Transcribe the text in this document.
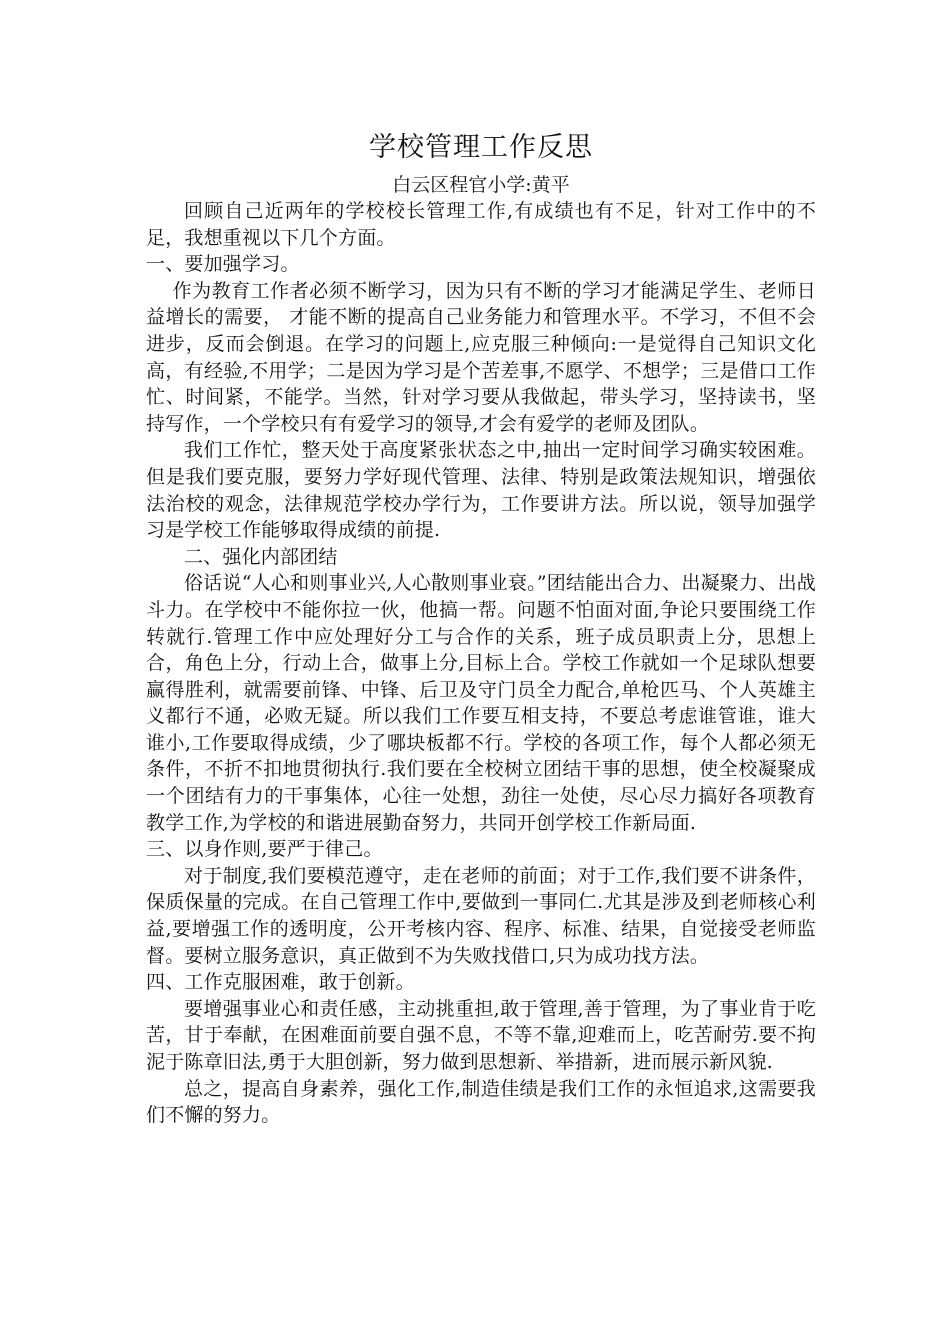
学校管理工作反思
白云区程官小学:黄平

回顾自己近两年的学校校长管理工作,有成绩也有不足，针对工作中的不足，我想重视以下几个方面。

一、要加强学习。

作为教育工作者必须不断学习，因为只有不断的学习才能满足学生、老师日益增长的需要， 才能不断的提高自己业务能力和管理水平。不学习，不但不会进步，反而会倒退。在学习的问题上,应克服三种倾向:一是觉得自己知识文化高，有经验,不用学；二是因为学习是个苦差事,不愿学、不想学；三是借口工作忙、时间紧，不能学。当然，针对学习要从我做起，带头学习，坚持读书，坚持写作，一个学校只有有爱学习的领导,才会有爱学的老师及团队。

我们工作忙，整天处于高度紧张状态之中,抽出一定时间学习确实较困难。但是我们要克服，要努力学好现代管理、法律、特别是政策法规知识，增强依法治校的观念，法律规范学校办学行为，工作要讲方法。所以说，领导加强学习是学校工作能够取得成绩的前提.

二、强化内部团结

俗话说“人心和则事业兴,人心散则事业衰。”团结能出合力、出凝聚力、出战斗力。在学校中不能你拉一伙，他搞一帮。问题不怕面对面,争论只要围绕工作转就行.管理工作中应处理好分工与合作的关系，班子成员职责上分，思想上合，角色上分，行动上合，做事上分,目标上合。学校工作就如一个足球队想要赢得胜利，就需要前锋、中锋、后卫及守门员全力配合,单枪匹马、个人英雄主义都行不通，必败无疑。所以我们工作要互相支持，不要总考虑谁管谁，谁大谁小,工作要取得成绩，少了哪块板都不行。学校的各项工作，每个人都必须无条件，不折不扣地贯彻执行.我们要在全校树立团结干事的思想，使全校凝聚成一个团结有力的干事集体，心往一处想，劲往一处使，尽心尽力搞好各项教育教学工作,为学校的和谐进展勤奋努力，共同开创学校工作新局面.

三、以身作则,要严于律己。

对于制度,我们要模范遵守，走在老师的前面；对于工作,我们要不讲条件，保质保量的完成。在自己管理工作中,要做到一事同仁.尤其是涉及到老师核心利益,要增强工作的透明度，公开考核内容、程序、标准、结果，自觉接受老师监督。要树立服务意识，真正做到不为失败找借口,只为成功找方法。

四、工作克服困难，敢于创新。

要增强事业心和责任感，主动挑重担,敢于管理,善于管理，为了事业肯于吃苦，甘于奉献，在困难面前要自强不息，不等不靠,迎难而上，吃苦耐劳.要不拘泥于陈章旧法,勇于大胆创新，努力做到思想新、举措新，进而展示新风貌.

总之，提高自身素养，强化工作,制造佳绩是我们工作的永恒追求,这需要我们不懈的努力。
